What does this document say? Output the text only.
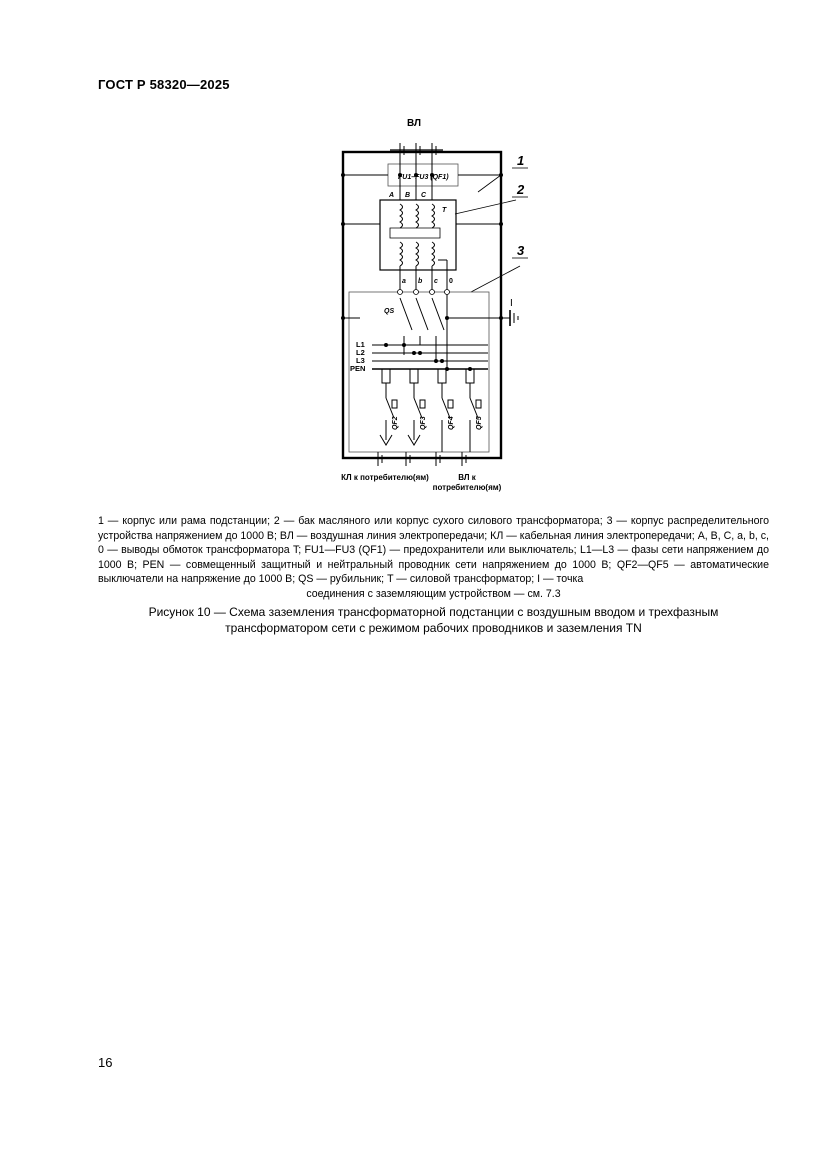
ГОСТ Р 58320—2025
ВЛ
FU1–FU3 (QF1)
A B C
T
a b c 0
QS
I
L1
L2
L3
PEN
1
2
3
QF2	QF3	QF4	QF5
КЛ к потребителю(ям)	ВЛ к потребителю(ям)
1 — корпус или рама подстанции; 2 — бак масляного или корпус сухого силового трансформатора; 3 — корпус распределительного устройства напряжением до 1000 В; ВЛ — воздушная линия электропередачи; КЛ — кабельная линия электропередачи; A, B, C, a, b, c, 0 — выводы обмоток трансформатора T; FU1—FU3 (QF1) — предохранители или выключатель; L1—L3 — фазы сети напряжением до 1000 В; PEN — совмещенный защитный и нейтральный проводник сети напряжением до 1000 В; QF2—QF5 — автоматические выключатели на напряжение до 1000 В; QS — рубильник; T — силовой трансформатор; I — точка
соединения с заземляющим устройством — см. 7.3
Рисунок 10 — Схема заземления трансформаторной подстанции с воздушным вводом и трехфазным
трансформатором сети с режимом рабочих проводников и заземления TN
16
